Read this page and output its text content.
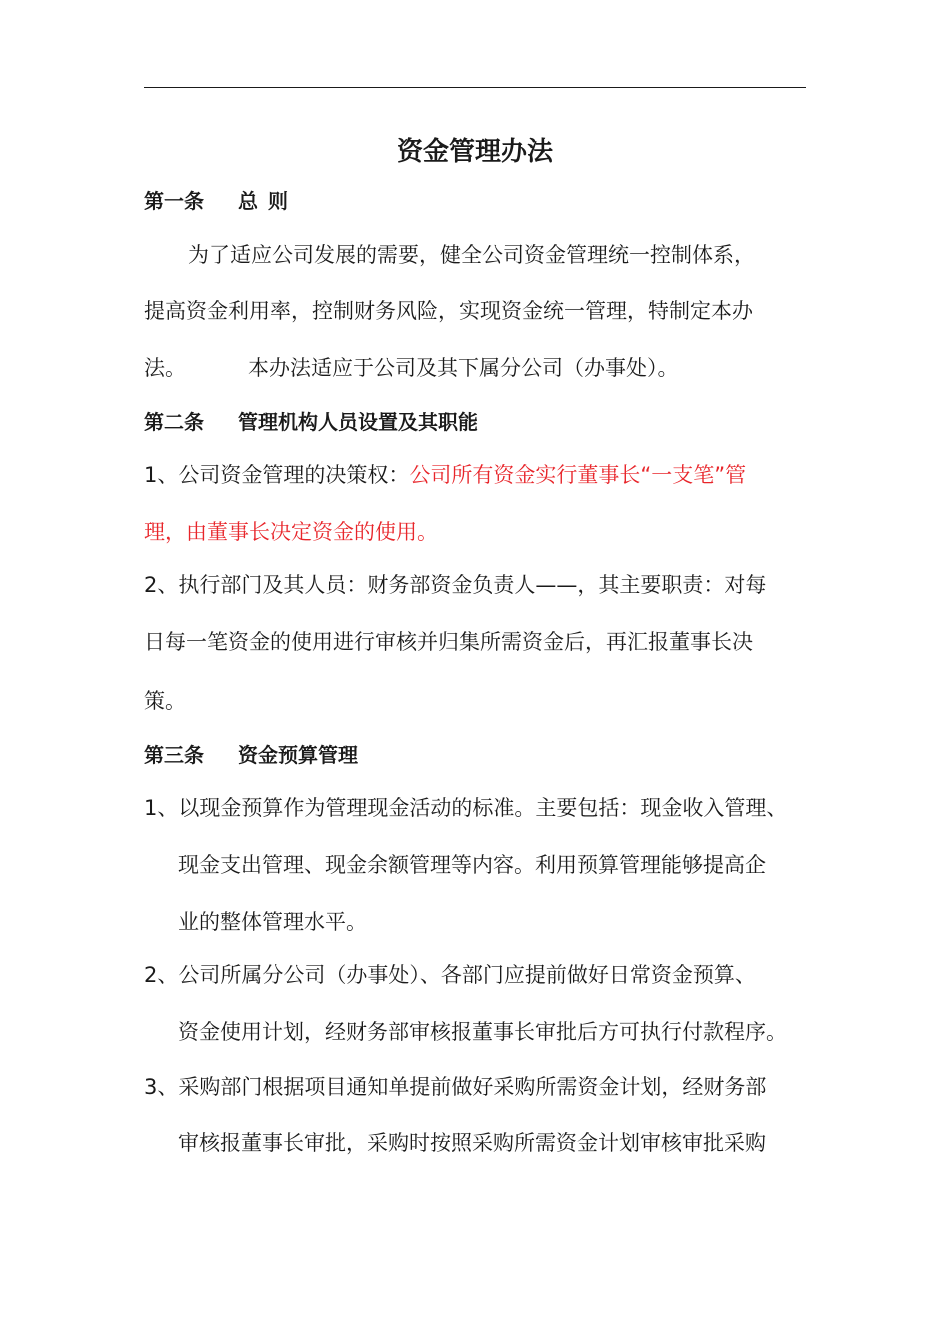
资金管理办法
第一条 总 则
为了适应公司发展的需要，健全公司资金管理统一控制体系，
提高资金利用率，控制财务风险，实现资金统一管理，特制定本办
法。	本办法适应于公司及其下属分公司（办事处）。
第二条 管理机构人员设置及其职能
1、公司资金管理的决策权：公司所有资金实行董事长“一支笔”管
理，由董事长决定资金的使用。
2、执行部门及其人员：财务部资金负责人——，其主要职责：对每
日每一笔资金的使用进行审核并归集所需资金后，再汇报董事长决
策。
第三条 资金预算管理
1、以现金预算作为管理现金活动的标准。主要包括：现金收入管理、
现金支出管理、现金余额管理等内容。利用预算管理能够提高企
业的整体管理水平。
2、公司所属分公司（办事处）、各部门应提前做好日常资金预算、
资金使用计划，经财务部审核报董事长审批后方可执行付款程序。
3、采购部门根据项目通知单提前做好采购所需资金计划，经财务部
审核报董事长审批，采购时按照采购所需资金计划审核审批采购
